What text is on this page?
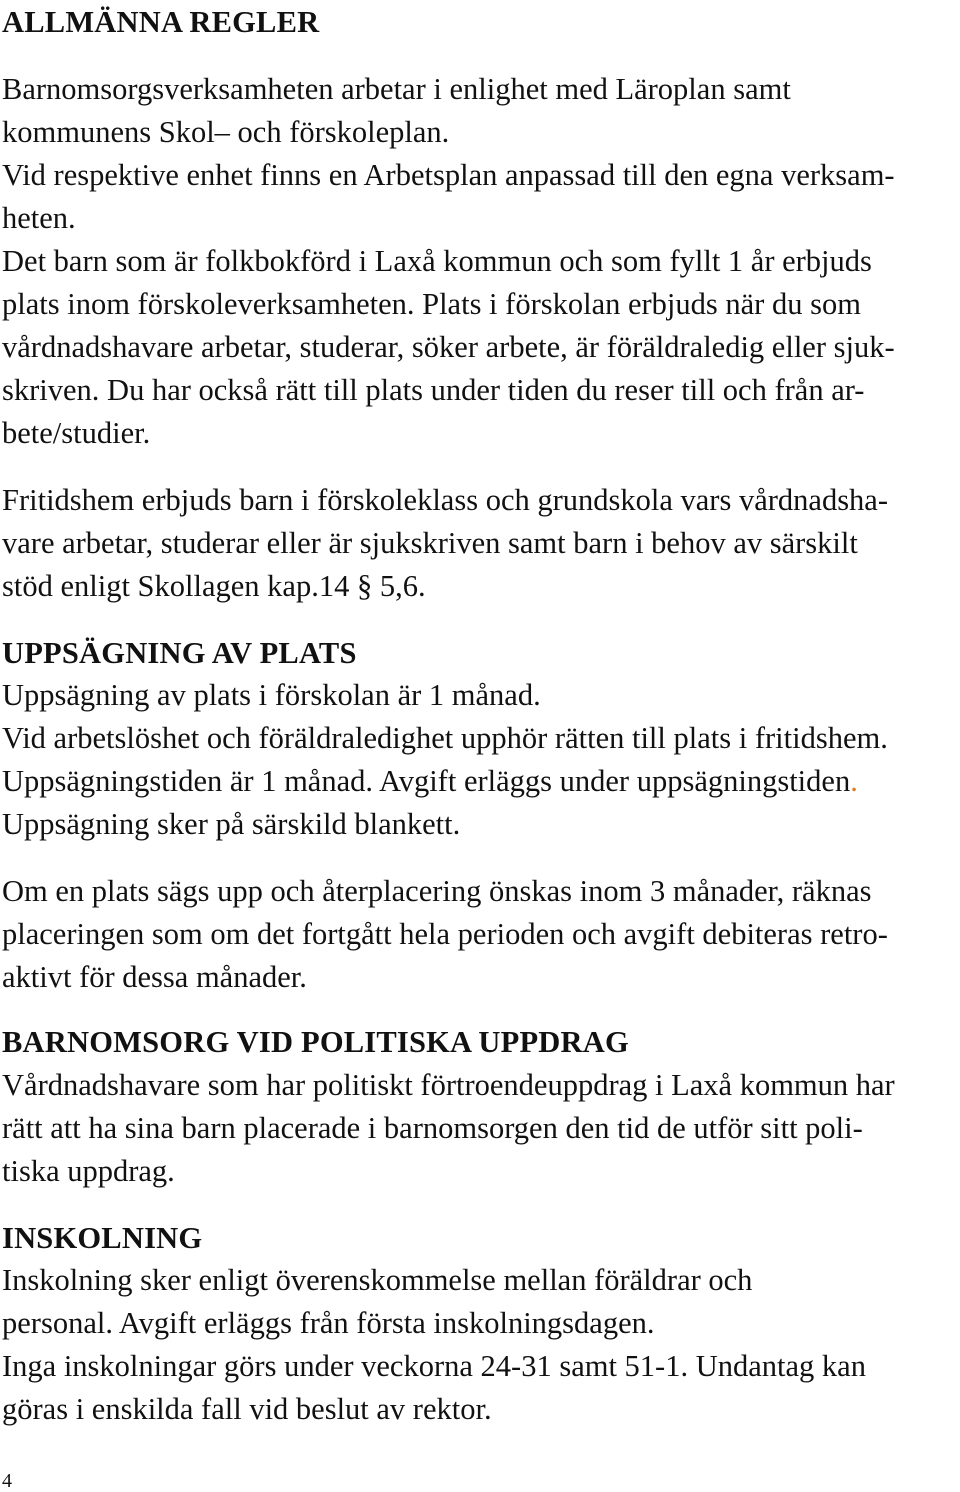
ALLMÄNNA REGLER
Barnomsorgsverksamheten arbetar i enlighet med Läroplan samt
kommunens Skol– och förskoleplan.
Vid respektive enhet finns en Arbetsplan anpassad till den egna verksam-
heten.
Det barn som är folkbokförd i Laxå kommun och som fyllt 1 år erbjuds
plats inom förskoleverksamheten. Plats i förskolan erbjuds när du som
vårdnadshavare arbetar, studerar, söker arbete, är föräldraledig eller sjuk-
skriven. Du har också rätt till plats under tiden du reser till och från ar-
bete/studier.
Fritidshem erbjuds barn i förskoleklass och grundskola vars vårdnadsha-
vare arbetar, studerar eller är sjukskriven samt barn i behov av särskilt
stöd enligt Skollagen kap.14 § 5,6.
UPPSÄGNING AV PLATS
Uppsägning av plats i förskolan är 1 månad.
Vid arbetslöshet och föräldraledighet upphör rätten till plats i fritidshem.
Uppsägningstiden är 1 månad. Avgift erläggs under uppsägningstiden.
Uppsägning sker på särskild blankett.
Om en plats sägs upp och återplacering önskas inom 3 månader, räknas
placeringen som om det fortgått hela perioden och avgift debiteras retro-
aktivt för dessa månader.
BARNOMSORG VID POLITISKA UPPDRAG
Vårdnadshavare som har politiskt förtroendeuppdrag i Laxå kommun har
rätt att ha sina barn placerade i barnomsorgen den tid de utför sitt poli-
tiska uppdrag.
INSKOLNING
Inskolning sker enligt överenskommelse mellan föräldrar och
personal. Avgift erläggs från första inskolningsdagen.
Inga inskolningar görs under veckorna 24-31 samt 51-1. Undantag kan
göras i enskilda fall vid beslut av rektor.
4
